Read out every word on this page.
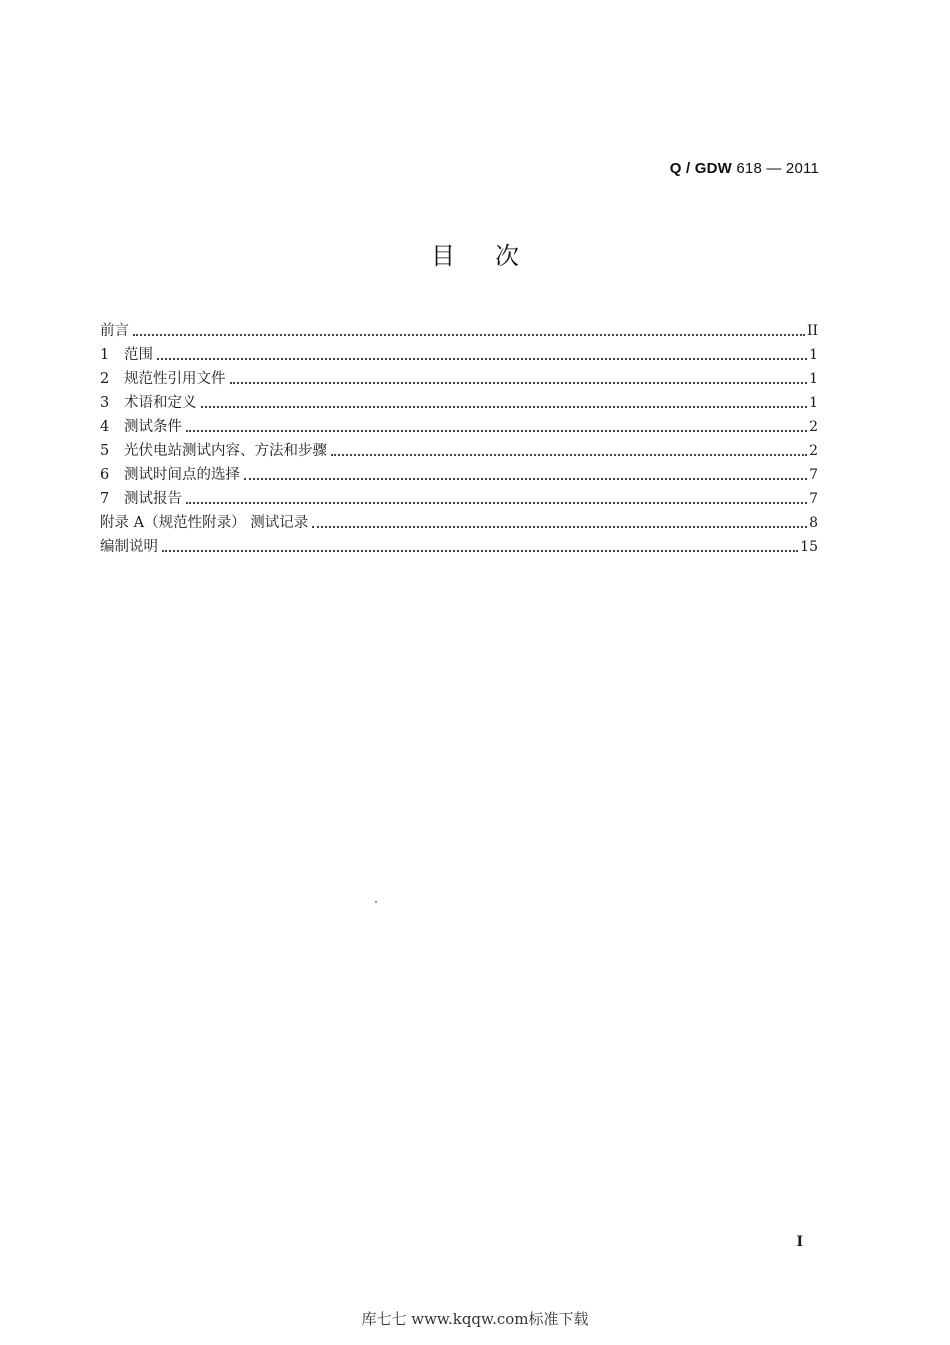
Q / GDW 618 — 2011
目次
前言	II
1	范围	1
2	规范性引用文件	1
3	术语和定义	1
4	测试条件	2
5	光伏电站测试内容、方法和步骤	2
6	测试时间点的选择	7
7	测试报告	7
附录 A（规范性附录） 测试记录	8
编制说明	15
I
库七七 www.kqqw.com标准下载
